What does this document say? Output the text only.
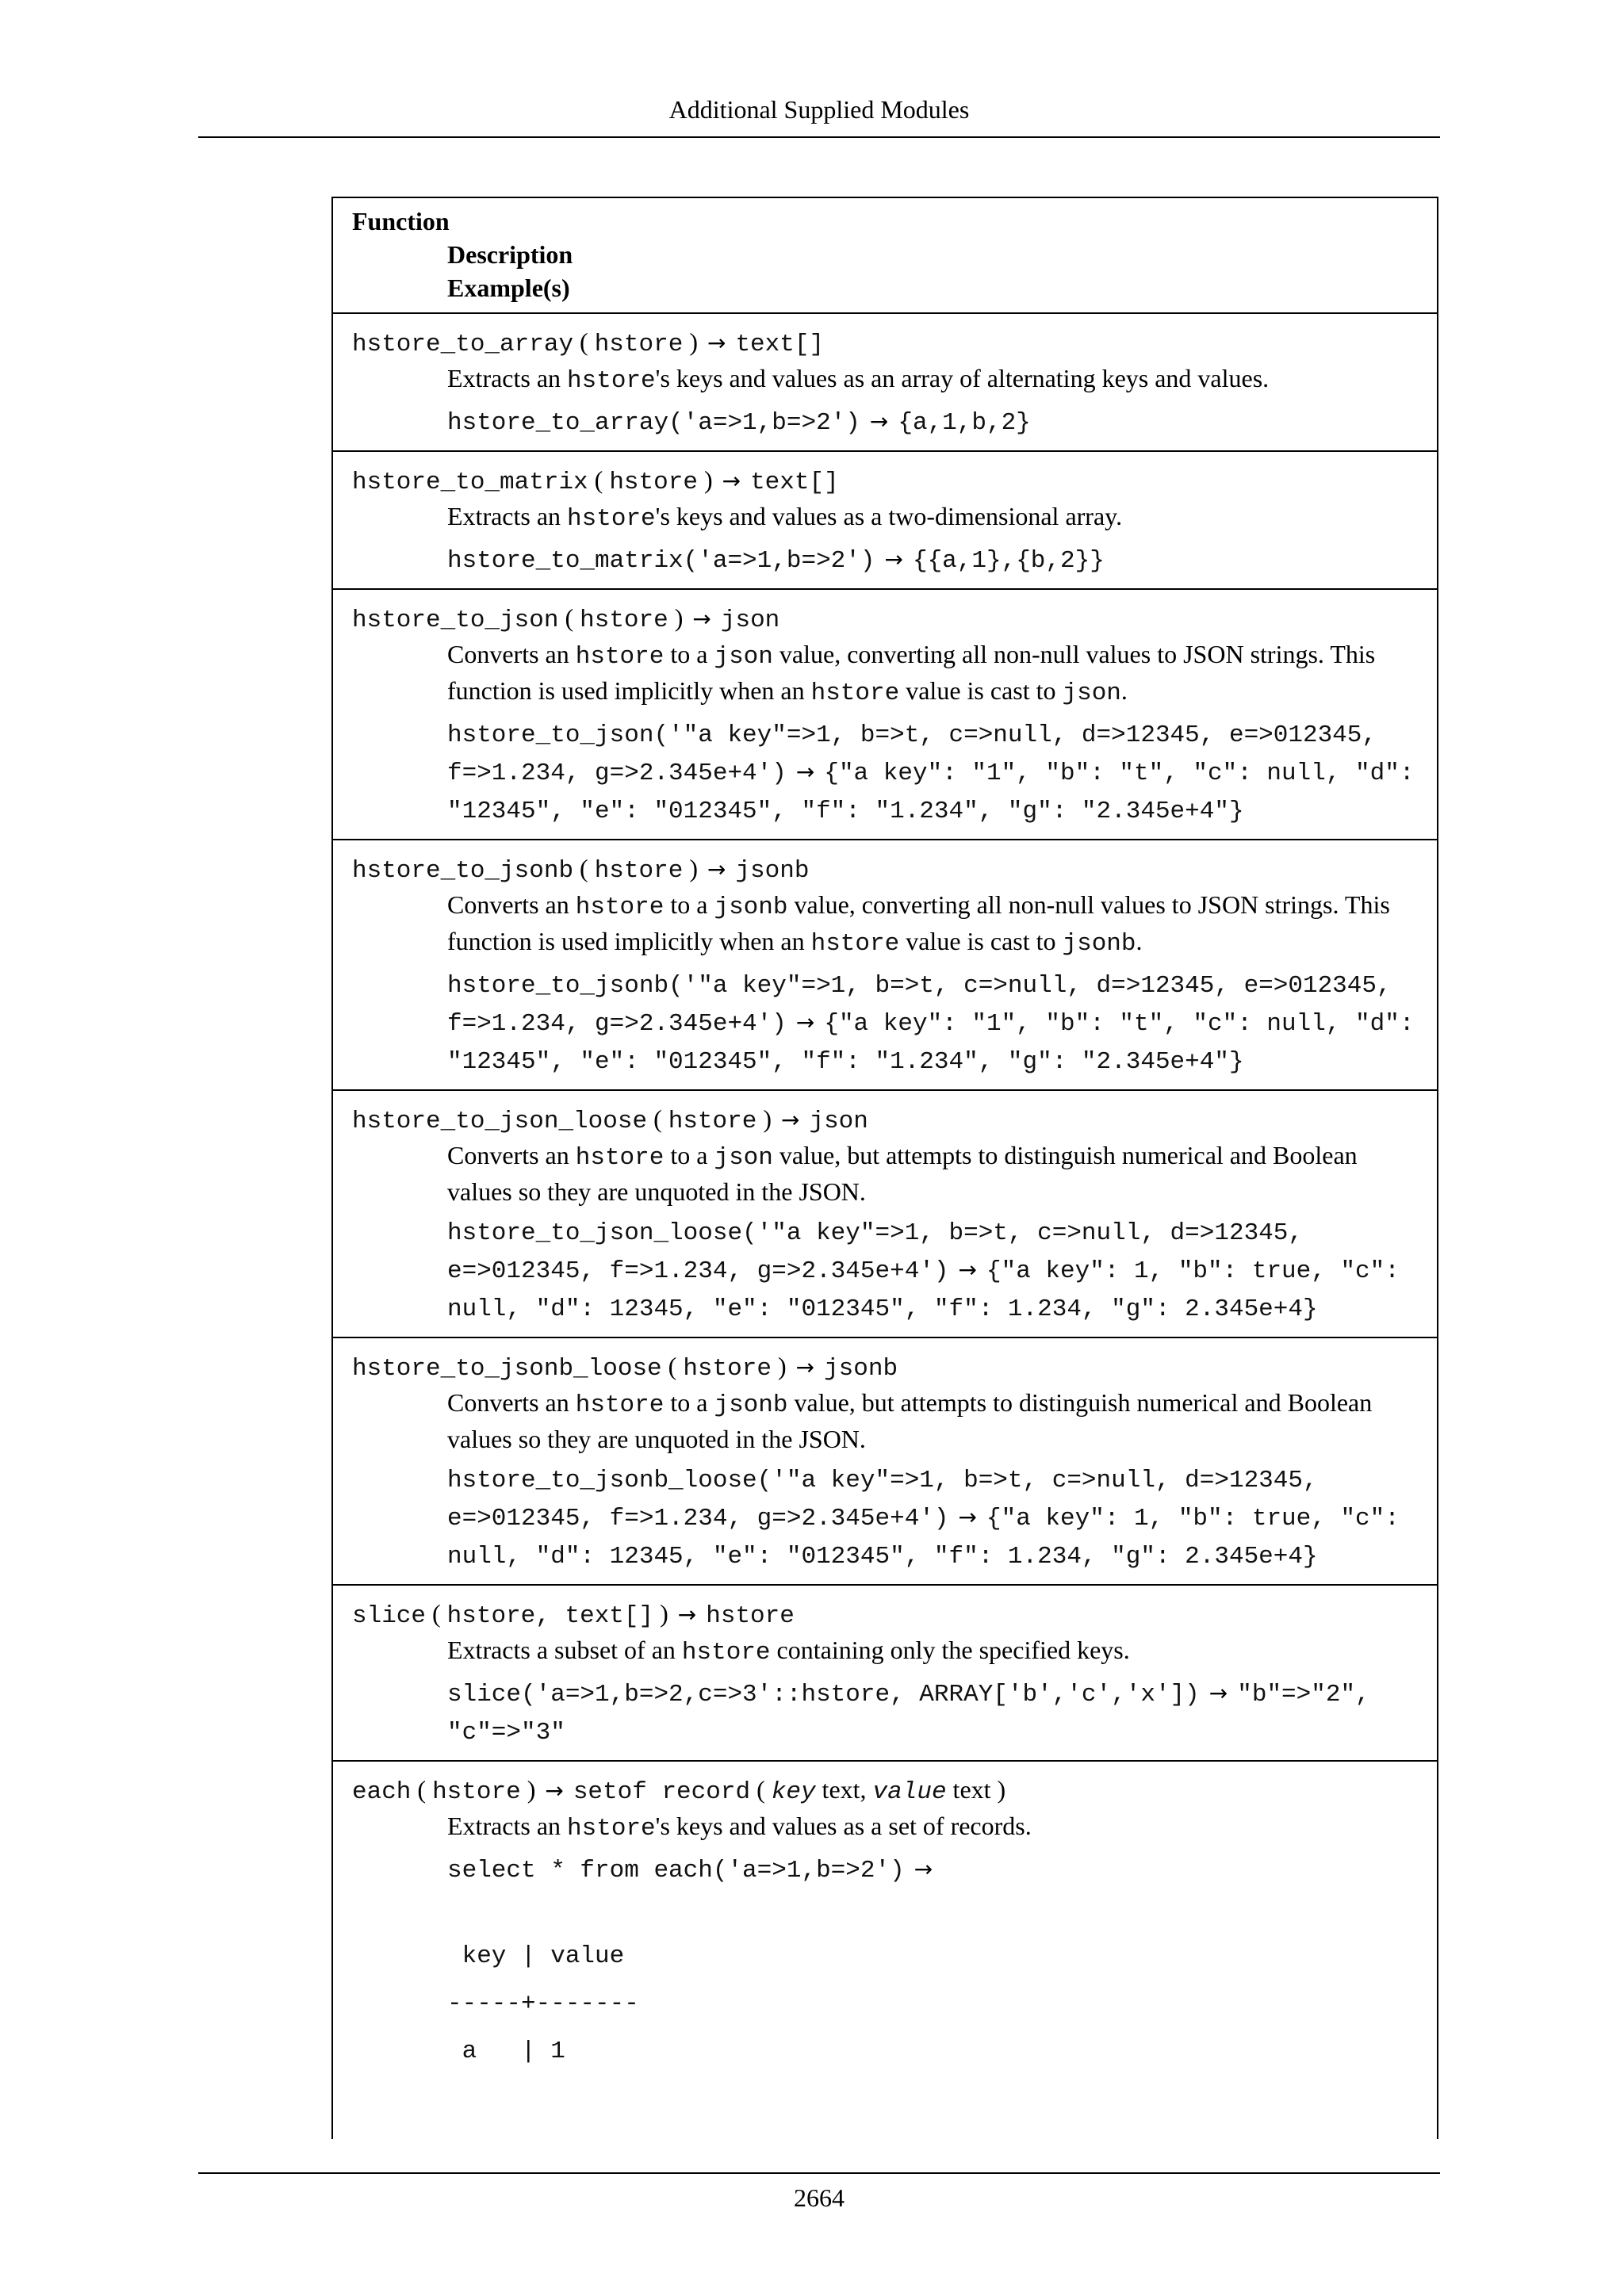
Additional Supplied Modules
Function
Description
Example(s)
hstore_to_array ( hstore ) → text[]
Extracts an hstore's keys and values as an array of alternating keys and values.
hstore_to_array('a=>1,b=>2') → {a,1,b,2}
hstore_to_matrix ( hstore ) → text[]
Extracts an hstore's keys and values as a two-dimensional array.
hstore_to_matrix('a=>1,b=>2') → {{a,1},{b,2}}
hstore_to_json ( hstore ) → json
Converts an hstore to a json value, converting all non-null values to JSON strings. This function is used implicitly when an hstore value is cast to json.
hstore_to_json('"a key"=>1, b=>t, c=>null, d=>12345, e=>012345, f=>1.234, g=>2.345e+4') → {"a key": "1", "b": "t", "c": null, "d": "12345", "e": "012345", "f": "1.234", "g": "2.345e+4"}
hstore_to_jsonb ( hstore ) → jsonb
Converts an hstore to a jsonb value, converting all non-null values to JSON strings. This function is used implicitly when an hstore value is cast to jsonb.
hstore_to_jsonb('"a key"=>1, b=>t, c=>null, d=>12345, e=>012345, f=>1.234, g=>2.345e+4') → {"a key": "1", "b": "t", "c": null, "d": "12345", "e": "012345", "f": "1.234", "g": "2.345e+4"}
hstore_to_json_loose ( hstore ) → json
Converts an hstore to a json value, but attempts to distinguish numerical and Boolean values so they are unquoted in the JSON.
hstore_to_json_loose('"a key"=>1, b=>t, c=>null, d=>12345, e=>012345, f=>1.234, g=>2.345e+4') → {"a key": 1, "b": true, "c": null, "d": 12345, "e": "012345", "f": 1.234, "g": 2.345e+4}
hstore_to_jsonb_loose ( hstore ) → jsonb
Converts an hstore to a jsonb value, but attempts to distinguish numerical and Boolean values so they are unquoted in the JSON.
hstore_to_jsonb_loose('"a key"=>1, b=>t, c=>null, d=>12345, e=>012345, f=>1.234, g=>2.345e+4') → {"a key": 1, "b": true, "c": null, "d": 12345, "e": "012345", "f": 1.234, "g": 2.345e+4}
slice ( hstore, text[] ) → hstore
Extracts a subset of an hstore containing only the specified keys.
slice('a=>1,b=>2,c=>3'::hstore, ARRAY['b','c','x']) → "b"=>"2", "c"=>"3"
each ( hstore ) → setof record ( key text, value text )
Extracts an hstore's keys and values as a set of records.
select * from each('a=>1,b=>2') →
key | value
-----+-------
a   | 1
2664
